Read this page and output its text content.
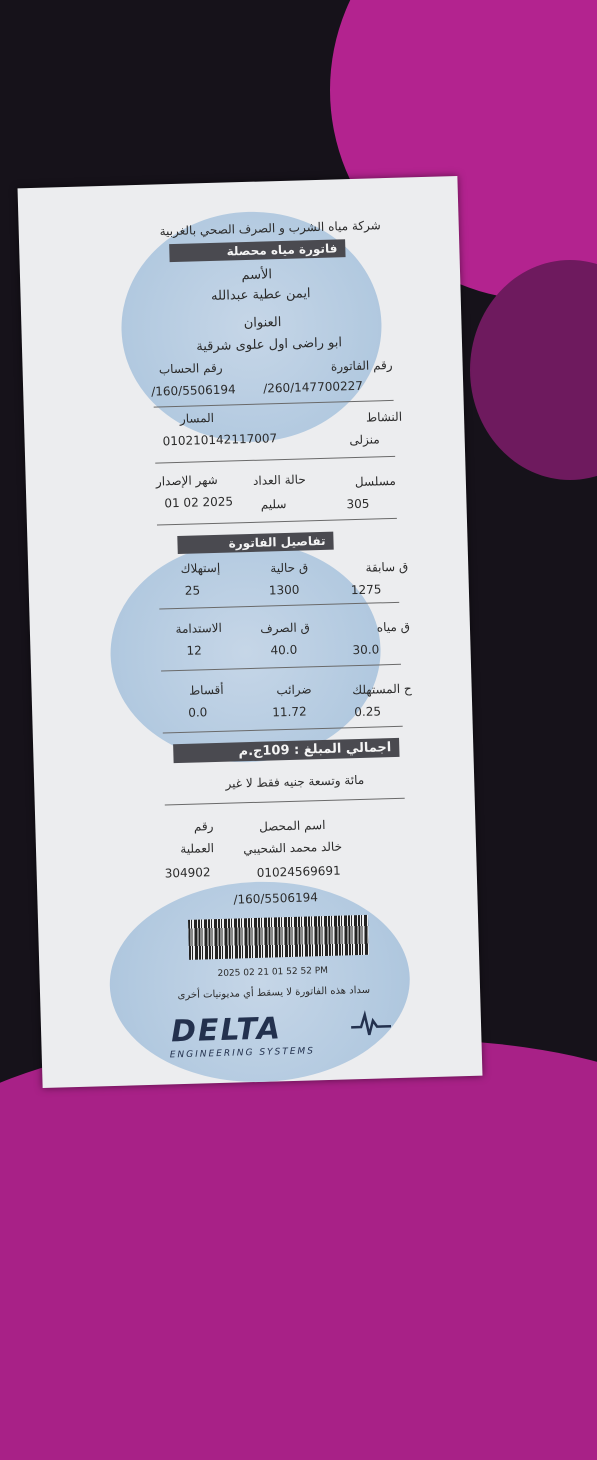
شركة مياه الشرب و الصرف الصحي بالغربية
فاتورة مياه محصلة
الأسم
ايمن عطية عبدالله
العنوان
ابو راضى اول علوى شرقية
رقم الفاتورة
رقم الحساب
/260/147700227
/160/5506194
النشاط
المسار
منزلى
010210142117007
مسلسل
حالة العداد
شهر الإصدار
305
سليم
01 02 2025
تفاصيل الفاتورة
ق سابقة
ق حالية
إستهلاك
1275
1300
25
ق مياه
ق الصرف
الاستدامة
30.0
40.0
12
ح المستهلك
ضرائب
أقساط
0.25
11.72
0.0
اجمالي المبلغ : 109ج.م
مائة وتسعة جنيه فقط لا غير
اسم المحصل
رقم
خالد محمد الشحيبي
العملية
01024569691
304902
/160/5506194
2025 02 21 01 52 52 PM
سداد هذه الفاتورة لا يسقط أي مديونيات أخرى
DELTA
ENGINEERING SYSTEMS
